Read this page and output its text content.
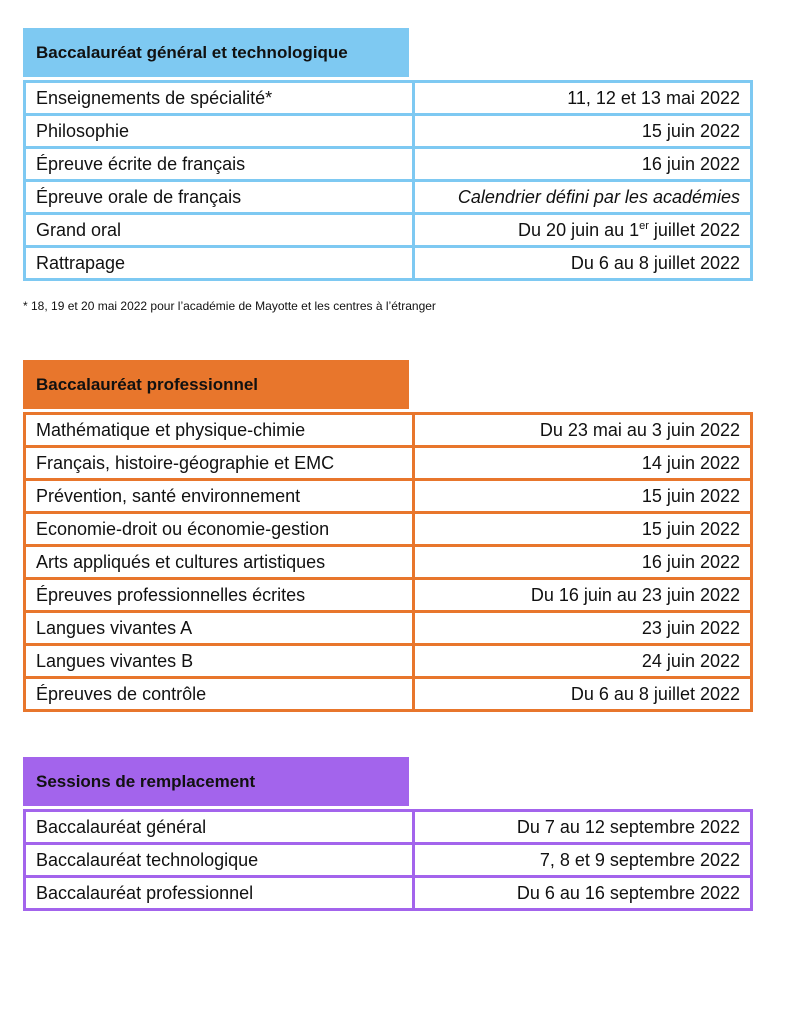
Baccalauréat général et technologique
Enseignements de spécialité*	11, 12 et 13 mai 2022
Philosophie	15 juin 2022
Épreuve écrite de français	16 juin 2022
Épreuve orale de français	Calendrier défini par les académies
Grand oral	Du 20 juin au 1er juillet 2022
Rattrapage	Du 6 au 8 juillet 2022
* 18, 19 et 20 mai 2022 pour l’académie de Mayotte et les centres à l’étranger
Baccalauréat professionnel
Mathématique et physique-chimie	Du 23 mai au 3 juin 2022
Français, histoire-géographie et EMC	14 juin 2022
Prévention, santé environnement	15 juin 2022
Economie-droit ou économie-gestion	15 juin 2022
Arts appliqués et cultures artistiques	16 juin 2022
Épreuves professionnelles écrites	Du 16 juin au 23 juin 2022
Langues vivantes A	23 juin 2022
Langues vivantes B	24 juin 2022
Épreuves de contrôle	Du 6 au 8 juillet 2022
Sessions de remplacement
Baccalauréat général	Du 7 au 12 septembre 2022
Baccalauréat technologique	7, 8 et 9 septembre 2022
Baccalauréat professionnel	Du 6 au 16 septembre 2022
